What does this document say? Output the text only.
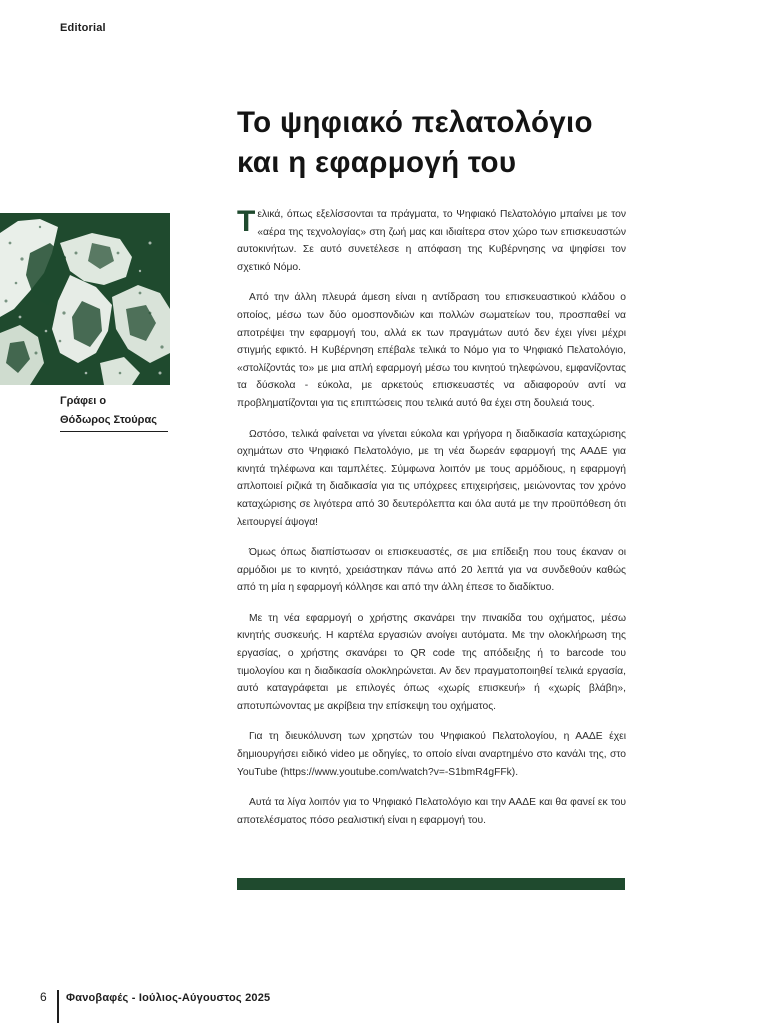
Editorial
Το ψηφιακό πελατολόγιο
και η εφαρμογή του
Γράφει ο
Θόδωρος Στούρας

Τελικά, όπως εξελίσσονται τα πράγματα, το Ψηφιακό Πελατολόγιο μπαίνει με τον «αέρα της τεχνολογίας» στη ζωή μας και ιδιαίτερα στον χώρο των επισκευαστών αυτοκινήτων. Σε αυτό συνετέλεσε η απόφαση της Κυβέρνησης να ψηφίσει τον σχετικό Νόμο.

Από την άλλη πλευρά άμεση είναι η αντίδραση του επισκευαστικού κλάδου ο οποίος, μέσω των δύο ομοσπονδιών και πολλών σωματείων του, προσπαθεί να αποτρέψει την εφαρμογή του, αλλά εκ των πραγμάτων αυτό δεν έχει γίνει μέχρι στιγμής εφικτό. Η Κυβέρνηση επέβαλε τελικά το Νόμο για το Ψηφιακό Πελατολόγιο, «στολίζοντάς το» με μια απλή εφαρμογή μέσω του κινητού τηλεφώνου, εμφανίζοντας τα δύσκολα - εύκολα, με αρκετούς επισκευαστές να αδιαφορούν αντί να προβληματίζονται για τις επιπτώσεις που τελικά αυτό θα έχει στη δουλειά τους.

Ωστόσο, τελικά φαίνεται να γίνεται εύκολα και γρήγορα η διαδικασία καταχώρισης οχημάτων στο Ψηφιακό Πελατολόγιο, με τη νέα δωρεάν εφαρμογή της ΑΑΔΕ για κινητά τηλέφωνα και ταμπλέτες. Σύμφωνα λοιπόν με τους αρμόδιους, η εφαρμογή απλοποιεί ριζικά τη διαδικασία για τις υπόχρεες επιχειρήσεις, μειώνοντας τον χρόνο καταχώρισης σε λιγότερα από 30 δευτερόλεπτα και όλα αυτά με την προϋπόθεση ότι λειτουργεί άψογα!

Όμως όπως διαπίστωσαν οι επισκευαστές, σε μια επίδειξη που τους έκαναν οι αρμόδιοι με το κινητό, χρειάστηκαν πάνω από 20 λεπτά για να συνδεθούν καθώς από τη μία η εφαρμογή κόλλησε και από την άλλη έπεσε το διαδίκτυο.

Με τη νέα εφαρμογή ο χρήστης σκανάρει την πινακίδα του οχήματος, μέσω κινητής συσκευής. Η καρτέλα εργασιών ανοίγει αυτόματα. Με την ολοκλήρωση της εργασίας, ο χρήστης σκανάρει το QR code της απόδειξης ή το barcode του τιμολογίου και η διαδικασία ολοκληρώνεται. Αν δεν πραγματοποιηθεί τελικά εργασία, αυτό καταγράφεται με επιλογές όπως «χωρίς επισκευή» ή «χωρίς βλάβη», αποτυπώνοντας με ακρίβεια την επίσκεψη του οχήματος.

Για τη διευκόλυνση των χρηστών του Ψηφιακού Πελατολογίου, η ΑΑΔΕ έχει δημιουργήσει ειδικό video με οδηγίες, το οποίο είναι αναρτημένο στο κανάλι της, στο YouTube (https://www.youtube.com/watch?v=-S1bmR4gFFk).

Αυτά τα λίγα λοιπόν για το Ψηφιακό Πελατολόγιο και την ΑΑΔΕ και θα φανεί εκ του αποτελέσματος πόσο ρεαλιστική είναι η εφαρμογή του.

6 Φανοβαφές - Ιούλιος-Αύγουστος 2025
